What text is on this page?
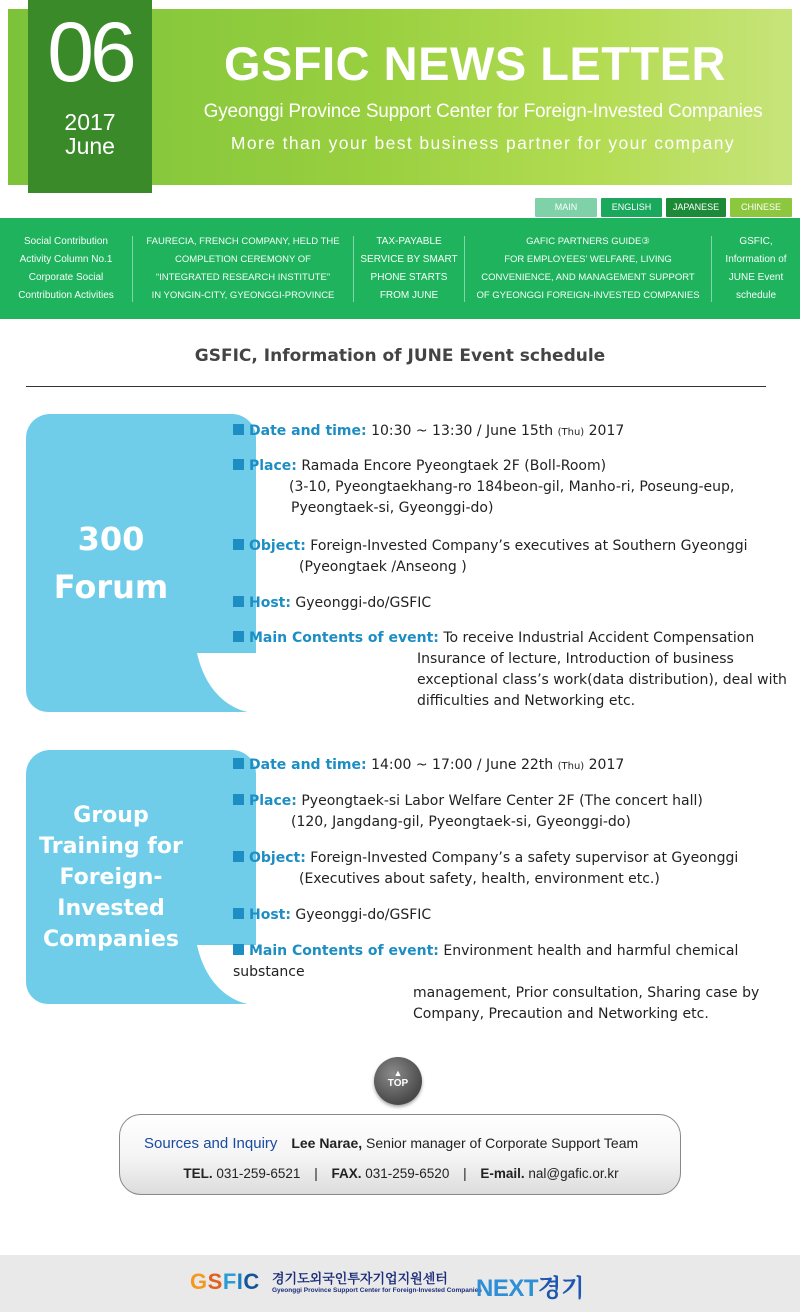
06
2017
June
GSFIC NEWS LETTER
Gyeonggi Province Support Center for Foreign-Invested Companies
More than your best business partner for your company
MAIN	ENGLISH	JAPANESE	CHINESE
Social Contribution
Activity Column No.1
Corporate Social
Contribution Activities
FAURECIA, FRENCH COMPANY, HELD THE
COMPLETION CEREMONY OF
“INTEGRATED RESEARCH INSTITUTE”
IN YONGIN-CITY, GYEONGGI-PROVINCE
TAX-PAYABLE
SERVICE BY SMART
PHONE STARTS
FROM JUNE
GAFIC PARTNERS GUIDE③
FOR EMPLOYEES’ WELFARE, LIVING
CONVENIENCE, AND MANAGEMENT SUPPORT
OF GYEONGGI FOREIGN-INVESTED COMPANIES
GSFIC,
Information of
JUNE Event
schedule
GSFIC, Information of JUNE Event schedule
300
Forum
Date and time: 10:30 ~ 13:30 / June 15th (Thu) 2017
Place: Ramada Encore Pyeongtaek 2F (Boll-Room)
(3-10, Pyeongtaekhang-ro 184beon-gil, Manho-ri, Poseung-eup,
Pyeongtaek-si, Gyeonggi-do)
Object: Foreign-Invested Company’s executives at Southern Gyeonggi
(Pyeongtaek /Anseong )
Host: Gyeonggi-do/GSFIC
Main Contents of event: To receive Industrial Accident Compensation
Insurance of lecture, Introduction of business
exceptional class’s work(data distribution), deal with
difficulties and Networking etc.
Group
Training for
Foreign-
Invested
Companies
Date and time: 14:00 ~ 17:00 / June 22th (Thu) 2017
Place: Pyeongtaek-si Labor Welfare Center 2F (The concert hall)
(120, Jangdang-gil, Pyeongtaek-si, Gyeonggi-do)
Object: Foreign-Invested Company’s a safety supervisor at Gyeonggi
(Executives about safety, health, environment etc.)
Host: Gyeonggi-do/GSFIC
Main Contents of event: Environment health and harmful chemical substance
management, Prior consultation, Sharing case by
Company, Precaution and Networking etc.
▲
TOP
Sources and Inquiry Lee Narae, Senior manager of Corporate Support Team
TEL. 031-259-6521 | FAX. 031-259-6520 | E-mail. nal@gafic.or.kr
GSFIC 경기도외국인투자기업지원센터
Gyeonggi Province Support Center for Foreign-Invested Companies
NEXT경기
